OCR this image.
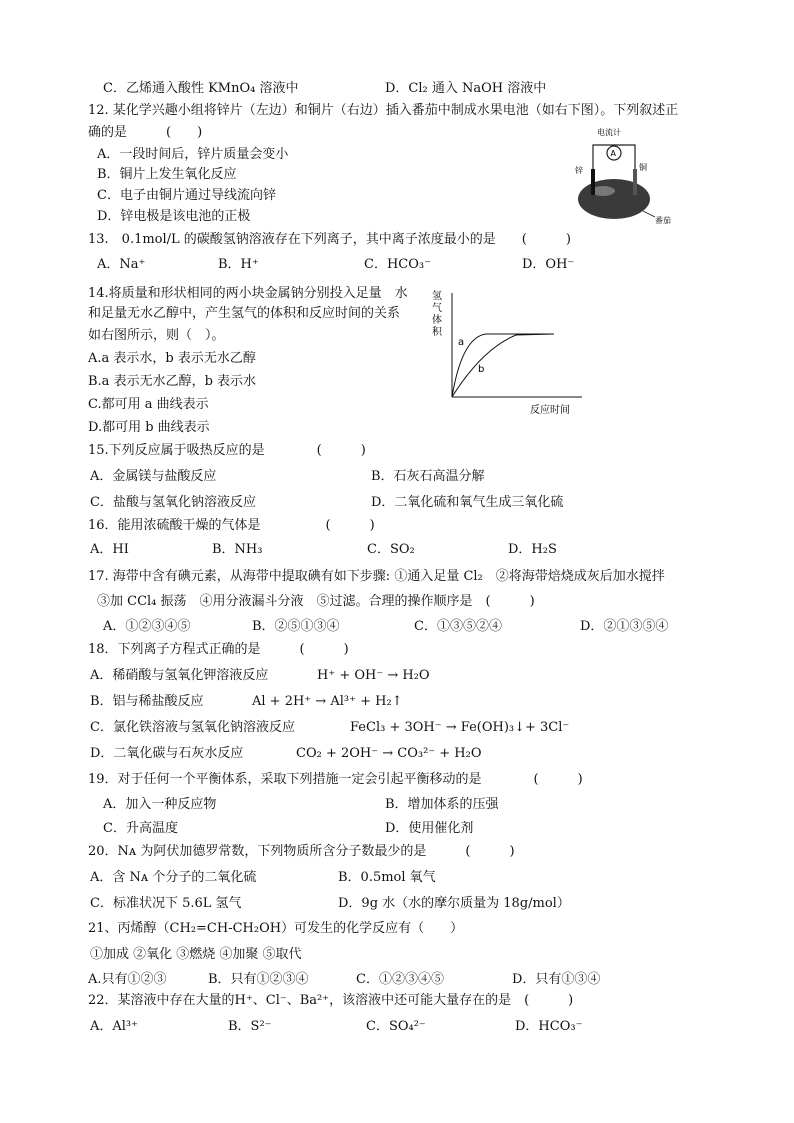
C．乙烯通入酸性 KMnO₄ 溶液中	D．Cl₂ 通入 NaOH 溶液中
12. 某化学兴趣小组将锌片（左边）和铜片（右边）插入番茄中制成水果电池（如右下图）。下列叙述正
确的是　　　(　　)
A．一段时间后，锌片质量会变小
B．铜片上发生氧化反应
C．电子由铜片通过导线流向锌
D．锌电极是该电池的正极
电流计
A
锌	铜
番茄
13.　0.1mol/L 的碳酸氢钠溶液存在下列离子，其中离子浓度最小的是　　(　　　)
A．Na⁺	B．H⁺	C．HCO₃⁻	D．OH⁻
14.将质量和形状相同的两小块金属钠分别投入足量　水
和足量无水乙醇中，产生氢气的体积和反应时间的关系
如右图所示，则（　）。
A.a 表示水，b 表示无水乙醇
B.a 表示无水乙醇，b 表示水
C.都可用 a 曲线表示
D.都可用 b 曲线表示
氢
气
体
积
a
b
反应时间
15.下列反应属于吸热反应的是　　　　(　　　)
A．金属镁与盐酸反应	B．石灰石高温分解
C．盐酸与氢氧化钠溶液反应	D．二氧化硫和氧气生成三氧化硫
16．能用浓硫酸干燥的气体是　　　　　(　　　)
A．HI	B．NH₃	C．SO₂	D．H₂S
17. 海带中含有碘元素，从海带中提取碘有如下步骤: ①通入足量 Cl₂　②将海带焙烧成灰后加水搅拌
③加 CCl₄ 振荡　④用分液漏斗分液　⑤过滤。合理的操作顺序是　(　　　)
A．①②③④⑤	B．②⑤①③④	C．①③⑤②④	D．②①③⑤④
18．下列离子方程式正确的是　　　(　　　)
A．稀硝酸与氢氧化钾溶液反应	H⁺ + OH⁻ → H₂O
B．铝与稀盐酸反应	Al + 2H⁺ → Al³⁺ + H₂↑
C．氯化铁溶液与氢氧化钠溶液反应	FeCl₃ + 3OH⁻ → Fe(OH)₃↓+ 3Cl⁻
D．二氧化碳与石灰水反应	CO₂ + 2OH⁻ → CO₃²⁻ + H₂O
19．对于任何一个平衡体系，采取下列措施一定会引起平衡移动的是　　　　(　　　)
A．加入一种反应物	B．增加体系的压强
C．升高温度	D．使用催化剂
20．Nᴀ 为阿伏加德罗常数，下列物质所含分子数最少的是　　　(　　　)
A．含 Nᴀ 个分子的二氧化硫	B．0.5mol 氧气
C．标准状况下 5.6L 氢气	D．9g 水（水的摩尔质量为 18g/mol）
21、丙烯醇（CH₂=CH-CH₂OH）可发生的化学反应有（　　）
①加成 ②氧化 ③燃烧 ④加聚 ⑤取代
A.只有①②③	B．只有①②③④	C．①②③④⑤	D．只有①③④
22．某溶液中存在大量的H⁺、Cl⁻、Ba²⁺，该溶液中还可能大量存在的是　(　　　)
A．Al³⁺	B．S²⁻	C．SO₄²⁻	D．HCO₃⁻
